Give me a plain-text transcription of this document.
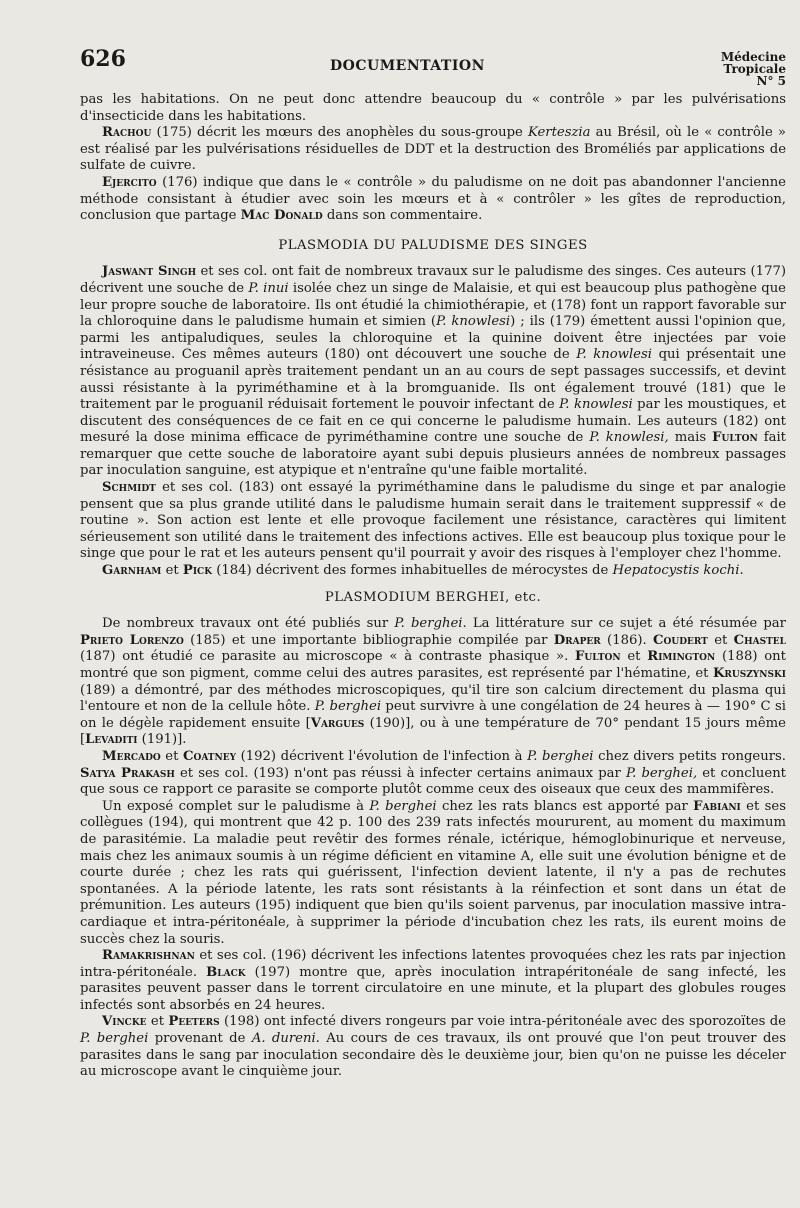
626	DOCUMENTATION
Médecine
Tropicale
N° 5

pas les habitations. On ne peut donc attendre beaucoup du « contrôle » par les pulvérisations d'insecticide dans les habitations.

Rachou (175) décrit les mœurs des anophèles du sous-groupe Kerteszia au Brésil, où le « contrôle » est réalisé par les pulvérisations résiduelles de DDT et la destruction des Broméliés par applications de sulfate de cuivre.

Ejercito (176) indique que dans le « contrôle » du paludisme on ne doit pas abandonner l'ancienne méthode consistant à étudier avec soin les mœurs et à « contrôler » les gîtes de reproduction, conclusion que partage Mac Donald dans son commentaire.

PLASMODIA DU PALUDISME DES SINGES

Jaswant Singh et ses col. ont fait de nombreux travaux sur le paludisme des singes. Ces auteurs (177) décrivent une souche de P. inui isolée chez un singe de Malaisie, et qui est beaucoup plus pathogène que leur propre souche de laboratoire. Ils ont étudié la chimiothérapie, et (178) font un rapport favorable sur la chloroquine dans le paludisme humain et simien (P. knowlesi) ; ils (179) émettent aussi l'opinion que, parmi les antipaludiques, seules la chloroquine et la quinine doivent être injectées par voie intraveineuse. Ces mêmes auteurs (180) ont découvert une souche de P. knowlesi qui présentait une résistance au proguanil après traitement pendant un an au cours de sept passages successifs, et devint aussi résistante à la pyriméthamine et à la bromguanide. Ils ont également trouvé (181) que le traitement par le proguanil réduisait fortement le pouvoir infectant de P. knowlesi par les moustiques, et discutent des conséquences de ce fait en ce qui concerne le paludisme humain. Les auteurs (182) ont mesuré la dose minima efficace de pyriméthamine contre une souche de P. knowlesi, mais Fulton fait remarquer que cette souche de laboratoire ayant subi depuis plusieurs années de nombreux passages par inoculation sanguine, est atypique et n'entraîne qu'une faible mortalité.

Schmidt et ses col. (183) ont essayé la pyriméthamine dans le paludisme du singe et par analogie pensent que sa plus grande utilité dans le paludisme humain serait dans le traitement suppressif « de routine ». Son action est lente et elle provoque facilement une résistance, caractères qui limitent sérieusement son utilité dans le traitement des infections actives. Elle est beaucoup plus toxique pour le singe que pour le rat et les auteurs pensent qu'il pourrait y avoir des risques à l'employer chez l'homme.

Garnham et Pick (184) décrivent des formes inhabituelles de mérocystes de Hepatocystis kochi.

PLASMODIUM BERGHEI, etc.

De nombreux travaux ont été publiés sur P. berghei. La littérature sur ce sujet a été résumée par Prieto Lorenzo (185) et une importante bibliographie compilée par Draper (186). Coudert et Chastel (187) ont étudié ce parasite au microscope « à contraste phasique ». Fulton et Rimington (188) ont montré que son pigment, comme celui des autres parasites, est représenté par l'hématine, et Kruszynski (189) a démontré, par des méthodes microscopiques, qu'il tire son calcium directement du plasma qui l'entoure et non de la cellule hôte. P. berghei peut survivre à une congélation de 24 heures à — 190° C si on le dégèle rapidement ensuite [Vargues (190)], ou à une température de 70° pendant 15 jours même [Levaditi (191)].

Mercado et Coatney (192) décrivent l'évolution de l'infection à P. berghei chez divers petits rongeurs. Satya Prakash et ses col. (193) n'ont pas réussi à infecter certains animaux par P. berghei, et concluent que sous ce rapport ce parasite se comporte plutôt comme ceux des oiseaux que ceux des mammifères.

Un exposé complet sur le paludisme à P. berghei chez les rats blancs est apporté par Fabiani et ses collègues (194), qui montrent que 42 p. 100 des 239 rats infectés moururent, au moment du maximum de parasitémie. La maladie peut revêtir des formes rénale, ictérique, hémoglobinurique et nerveuse, mais chez les animaux soumis à un régime déficient en vitamine A, elle suit une évolution bénigne et de courte durée ; chez les rats qui guérissent, l'infection devient latente, il n'y a pas de rechutes spontanées. A la période latente, les rats sont résistants à la réinfection et sont dans un état de prémunition. Les auteurs (195) indiquent que bien qu'ils soient parvenus, par inoculation massive intra-cardiaque et intra-péritonéale, à supprimer la période d'incubation chez les rats, ils eurent moins de succès chez la souris.

Ramakrishnan et ses col. (196) décrivent les infections latentes provoquées chez les rats par injection intra-péritonéale. Black (197) montre que, après inoculation intrapéritonéale de sang infecté, les parasites peuvent passer dans le torrent circulatoire en une minute, et la plupart des globules rouges infectés sont absorbés en 24 heures.

Vincke et Peeters (198) ont infecté divers rongeurs par voie intra-péritonéale avec des sporozoïtes de P. berghei provenant de A. dureni. Au cours de ces travaux, ils ont prouvé que l'on peut trouver des parasites dans le sang par inoculation secondaire dès le deuxième jour, bien qu'on ne puisse les déceler au microscope avant le cinquième jour.
